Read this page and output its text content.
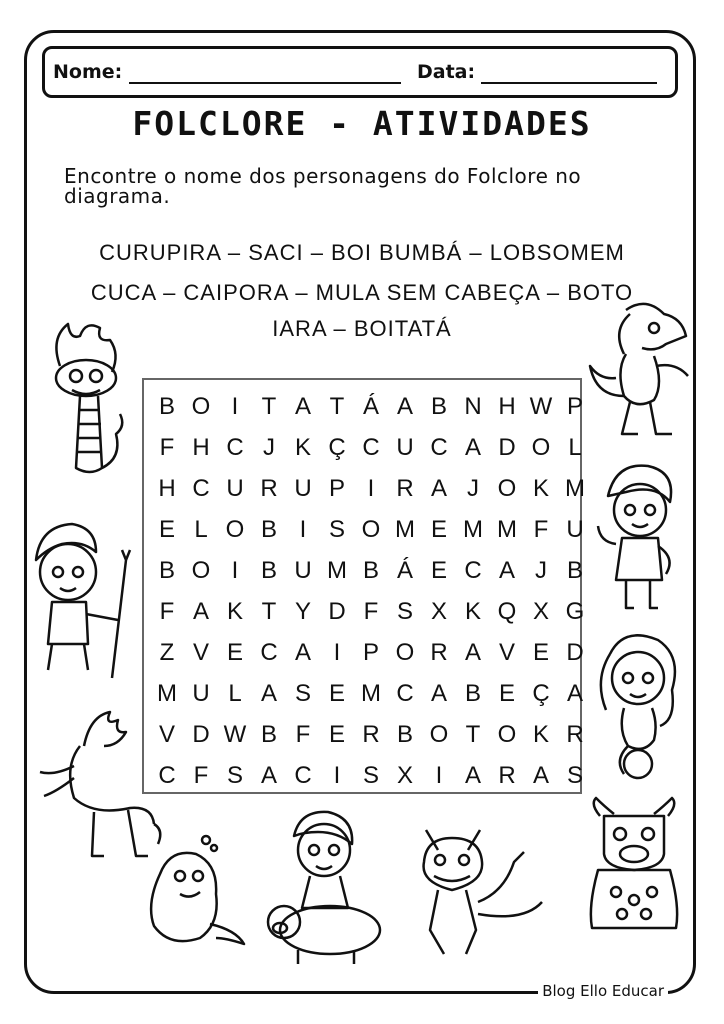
Nome:	Data:
FOLCLORE - ATIVIDADES
Encontre o nome dos personagens do Folclore no diagrama.
CURUPIRA – SACI – BOI BUMBÁ – LOBSOMEM
CUCA – CAIPORA – MULA SEM CABEÇA – BOTO
IARA – BOITATÁ
B O I T A T Á A B N H W P
F H C J K Ç C U C A D O L
H C U R U P I R A J O K M
E L O B I S O M E M M F U
B O I B U M B Á E C A J B
F A K T Y D F S X K Q X G
Z V E C A I P O R A V E D
M U L A S E M C A B E Ç A
V D W B F E R B O T O K R
C F S A C I S X I A R A S
Blog Ello Educar
